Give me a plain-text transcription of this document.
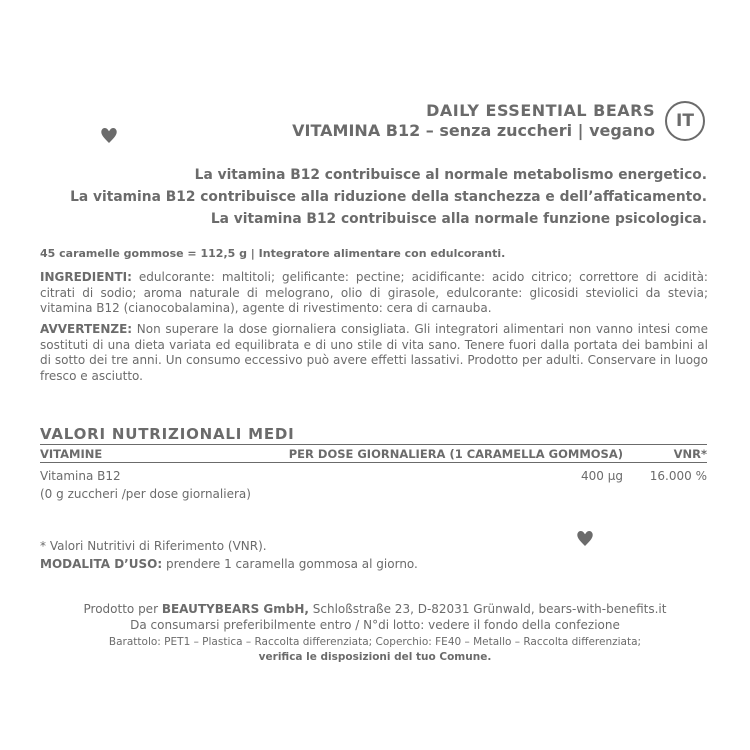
DAILY ESSENTIAL BEARS
VITAMINA B12 – senza zuccheri | vegano IT
La vitamina B12 contribuisce al normale metabolismo energetico.
La vitamina B12 contribuisce alla riduzione della stanchezza e dell’affaticamento.
La vitamina B12 contribuisce alla normale funzione psicologica.
45 caramelle gommose = 112,5 g | Integratore alimentare con edulcoranti.
INGREDIENTI: edulcorante: maltitoli; gelificante: pectine; acidificante: acido citrico; correttore di acidità: citrati di sodio; aroma naturale di melograno, olio di girasole, edulcorante: glicosidi steviolici da stevia; vitamina B12 (cianocobalamina), agente di rivestimento: cera di carnauba.
AVVERTENZE: Non superare la dose giornaliera consigliata. Gli integratori alimentari non vanno intesi come sostituti di una dieta variata ed equilibrata e di uno stile di vita sano. Tenere fuori dalla portata dei bambini al di sotto dei tre anni. Un consumo eccessivo può avere effetti lassativi. Prodotto per adulti. Conservare in luogo fresco e asciutto.
VALORI NUTRIZIONALI MEDI
VITAMINE	PER DOSE GIORNALIERA (1 CARAMELLA GOMMOSA)	VNR*
Vitamina B12	400 µg 16.000 %
(0 g zuccheri /per dose giornaliera)
* Valori Nutritivi di Riferimento (VNR).
MODALITA D’USO: prendere 1 caramella gommosa al giorno.
Prodotto per BEAUTYBEARS GmbH, Schloßstraße 23, D-82031 Grünwald, bears-with-benefits.it
Da consumarsi preferibilmente entro / N°di lotto: vedere il fondo della confezione
Barattolo: PET1 – Plastica – Raccolta differenziata; Coperchio: FE40 – Metallo – Raccolta differenziata;
verifica le disposizioni del tuo Comune.
